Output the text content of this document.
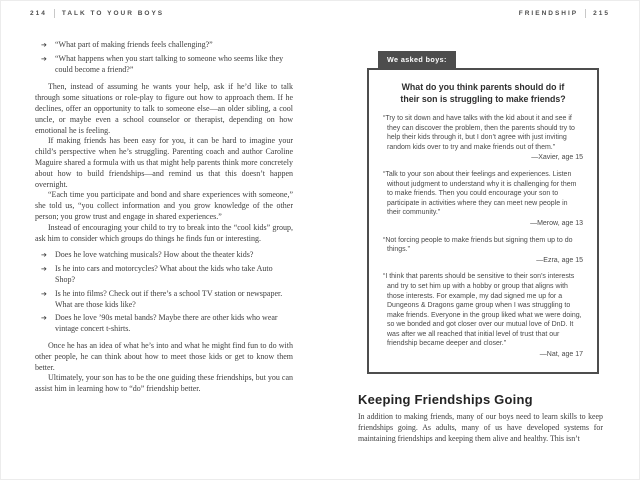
214 TALK TO YOUR BOYS	FRIENDSHIP 215
➔	“What part of making friends feels challenging?”
➔	“What happens when you start talking to someone who seems like they could become a friend?”

Then, instead of assuming he wants your help, ask if he’d like to talk through some situations or role-play to figure out how to approach them. If he declines, offer an opportunity to talk to someone else—an older sibling, a cool uncle, or maybe even a school counselor or therapist, depending on how emotional he is feeling.

If making friends has been easy for you, it can be hard to imagine your child’s perspective when he’s struggling. Parenting coach and author Caroline Maguire shared a formula with us that might help parents think more concretely about how to build friendships—and remind us that this doesn’t happen overnight.

“Each time you participate and bond and share experiences with someone,” she told us, “you collect information and you grow knowledge of the other person; you grow trust and engage in shared experiences.”

Instead of encouraging your child to try to break into the “cool kids” group, ask him to consider which groups do things he finds fun or interesting.

➔	Does he love watching musicals? How about the theater kids?
➔	Is he into cars and motorcycles? What about the kids who take Auto Shop?
➔	Is he into films? Check out if there’s a school TV station or newspaper. What are those kids like?
➔	Does he love ’90s metal bands? Maybe there are other kids who wear vintage concert t-shirts.

Once he has an idea of what he’s into and what he might find fun to do with other people, he can think about how to meet those kids or get to know them better.

Ultimately, your son has to be the one guiding these friendships, but you can assist him in learning how to “do” friendship better.

We asked boys:
What do you think parents should do if their son is struggling to make friends?

“Try to sit down and have talks with the kid about it and see if they can discover the problem, then the parents should try to help their kids through it, but I don’t agree with just inviting random kids over to try and make friends out of them.”

—Xavier, age 15

“Talk to your son about their feelings and experiences. Listen without judgment to understand why it is challenging for them to make friends. Then you could encourage your son to participate in activities where they can meet new people in their community.”

—Merow, age 13

“Not forcing people to make friends but signing them up to do things.”

—Ezra, age 15

“I think that parents should be sensitive to their son’s interests and try to set him up with a hobby or group that aligns with those interests. For example, my dad signed me up for a Dungeons & Dragons game group when I was struggling to make friends. Everyone in the group liked what we were doing, so we bonded and got closer over our mutual love of DnD. It was after we all reached that initial level of trust that our friendship became deeper and closer.”

—Nat, age 17

Keeping Friendships Going

In addition to making friends, many of our boys need to learn skills to keep friendships going. As adults, many of us have developed systems for maintaining friendships and keeping them alive and healthy. This isn’t
